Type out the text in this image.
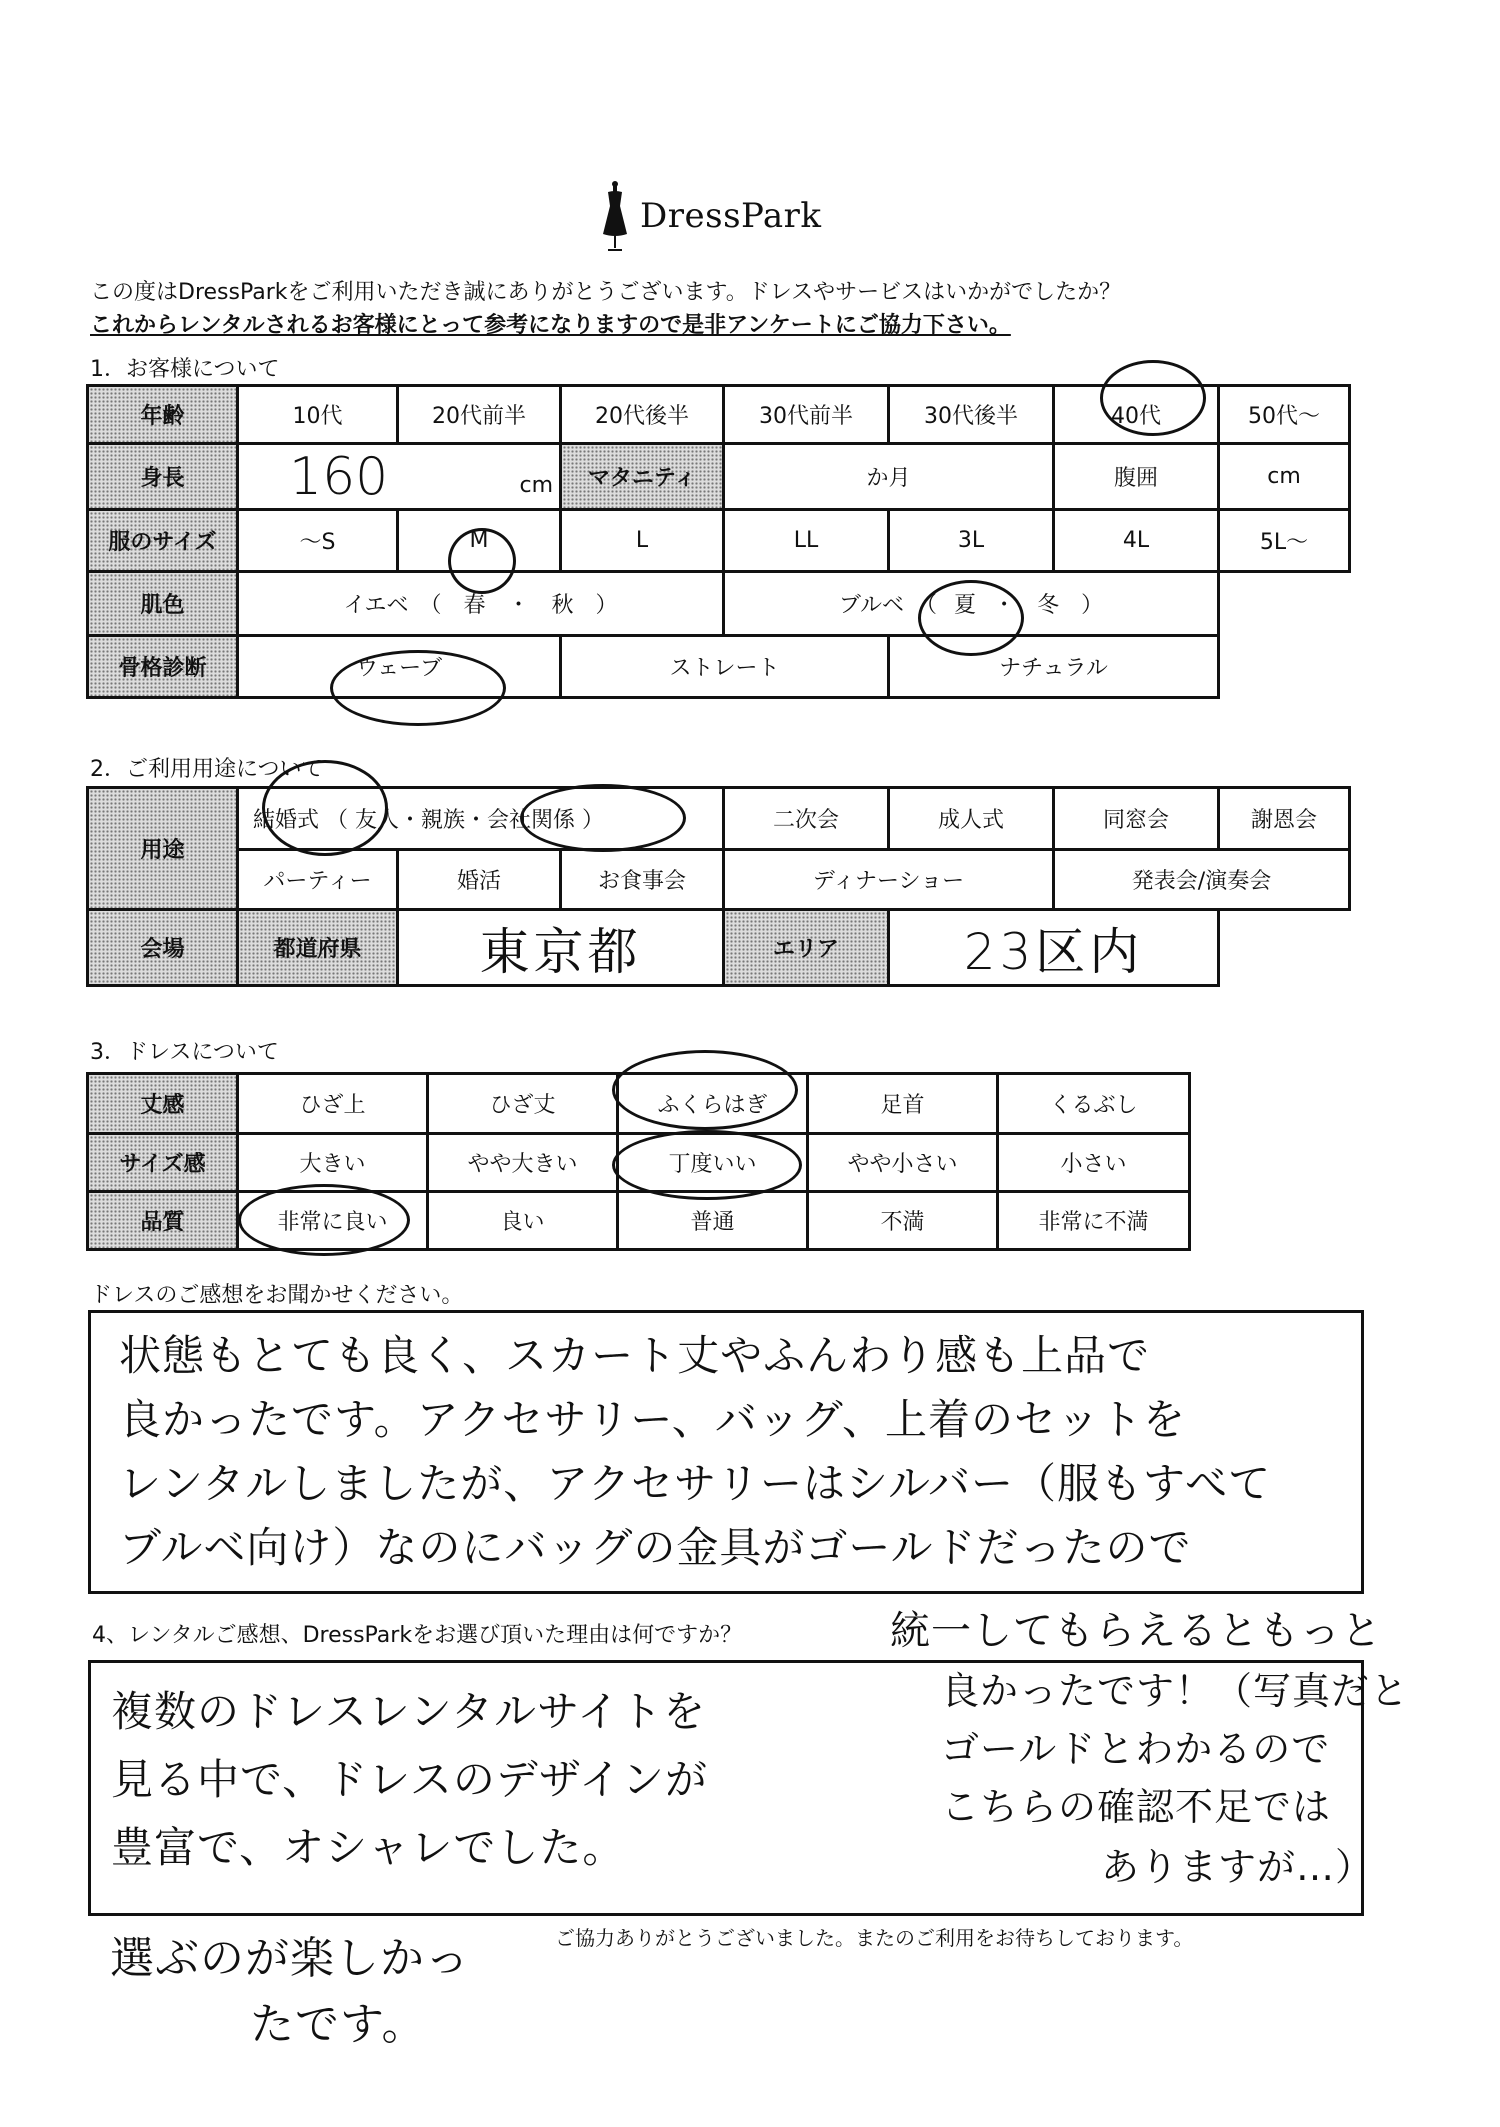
DressPark
この度はDressParkをご利用いただき誠にありがとうございます。ドレスやサービスはいかがでしたか？
これからレンタルされるお客様にとって参考になりますので是非アンケートにご協力下さい。
1．お客様について
年齢	10代	20代前半	20代後半	30代前半	30代後半	40代	50代～
身長	160 cm		マタニティ	か月		腹囲	cm
服のサイズ	～S	M	L	LL	3L	4L	5L～
肌色	イエベ　（　春　・　秋　）			ブルベ　（ 夏 ・　冬　）			
骨格診断	ウェーブ		ストレート		ナチュラル		
2．ご利用用途について
用途	結婚式 （ 友人・親族・会社関係 ）			二次会	成人式	同窓会	謝恩会
	パーティー	婚活	お食事会	ディナーショー		発表会/演奏会	
会場	都道府県	東京都		エリア	23区内		
3．ドレスについて
丈感	ひざ上	ひざ丈	ふくらはぎ	足首	くるぶし
サイズ感	大きい	やや大きい	丁度いい	やや小さい	小さい
品質	非常に良い	良い	普通	不満	非常に不満
ドレスのご感想をお聞かせください。
状態もとても良く、スカート丈やふんわり感も上品で
良かったです。アクセサリー、バッグ、上着のセットを
レンタルしましたが、アクセサリーはシルバー（服もすべて
ブルベ向け）なのにバッグの金具がゴールドだったので
4、レンタルご感想、DressParkをお選び頂いた理由は何ですか？	統一してもらえるともっと
複数のドレスレンタルサイトを
見る中で、ドレスのデザインが
豊富で、オシャレでした。
良かったです！（写真だと
ゴールドとわかるので
こちらの確認不足では
ありますが…）
選ぶのが楽しかっ
たです。
ご協力ありがとうございました。またのご利用をお待ちしております。
